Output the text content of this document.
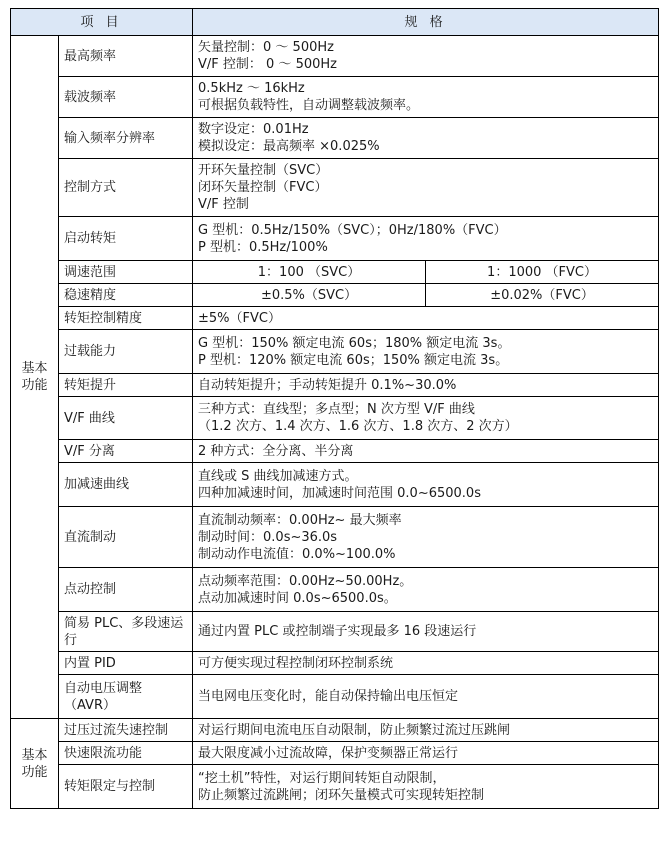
项 目		规 格	

基本
功能	最高频率	矢量控制：0 ～ 500Hz
V/F 控制： 0 ～ 500Hz	

	载波频率	0.5kHz ～ 16kHz
可根据负载特性，自动调整载波频率。	

	输入频率分辨率	数字设定：0.01Hz
模拟设定：最高频率 ×0.025%	

	控制方式	开环矢量控制（SVC）
闭环矢量控制（FVC）
V/F 控制	

	启动转矩	G 型机：0.5Hz/150%（SVC）；0Hz/180%（FVC）
P 型机：0.5Hz/100%	

	调速范围	1：100 （SVC）	1：1000 （FVC）
	稳速精度	±0.5%（SVC）	±0.02%（FVC）
	转矩控制精度	±5%（FVC）	

	过载能力	G 型机：150% 额定电流 60s；180% 额定电流 3s。
P 型机：120% 额定电流 60s；150% 额定电流 3s。	

	转矩提升	自动转矩提升；手动转矩提升 0.1%~30.0%	

	V/F 曲线	三种方式：直线型；多点型；N 次方型 V/F 曲线
（1.2 次方、1.4 次方、1.6 次方、1.8 次方、2 次方）	

	V/F 分离	2 种方式：全分离、半分离	

	加减速曲线	直线或 S 曲线加减速方式。
四种加减速时间，加减速时间范围 0.0~6500.0s	

	直流制动	直流制动频率：0.00Hz~ 最大频率
制动时间：0.0s~36.0s
制动动作电流值：0.0%~100.0%	

	点动控制	点动频率范围：0.00Hz~50.00Hz。
点动加减速时间 0.0s~6500.0s。	

	简易 PLC、多段速运行	通过内置 PLC 或控制端子实现最多 16 段速运行	

	内置 PID	可方便实现过程控制闭环控制系统	

	自动电压调整（AVR）	当电网电压变化时，能自动保持输出电压恒定	

基本
功能	过压过流失速控制	对运行期间电流电压自动限制，防止频繁过流过压跳闸	

	快速限流功能	最大限度减小过流故障，保护变频器正常运行	

	转矩限定与控制	“挖土机”特性，对运行期间转矩自动限制，
防止频繁过流跳闸；闭环矢量模式可实现转矩控制	
